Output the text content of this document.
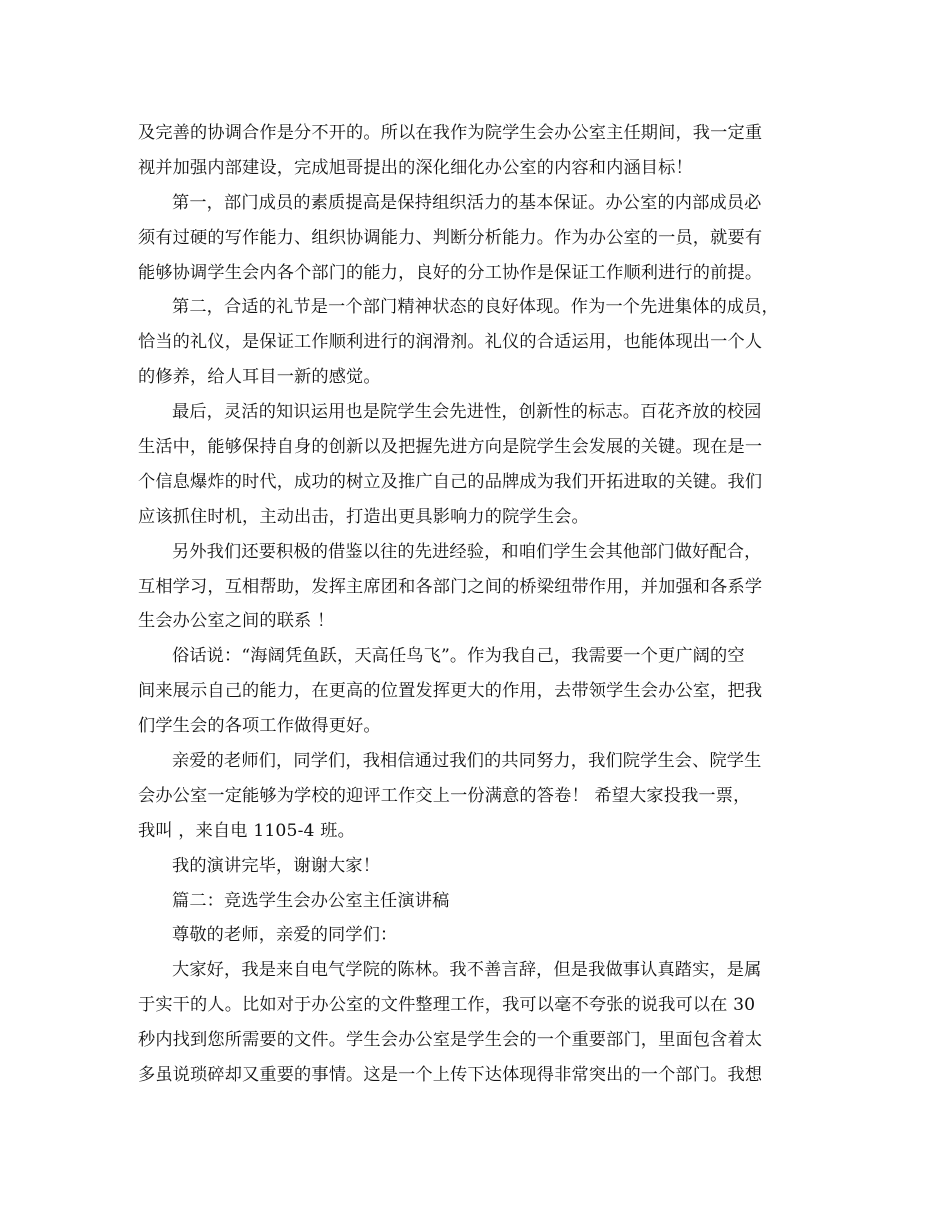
及完善的协调合作是分不开的。所以在我作为院学生会办公室主任期间，我一定重
视并加强内部建设，完成旭哥提出的深化细化办公室的内容和内涵目标！
第一，部门成员的素质提高是保持组织活力的基本保证。办公室的内部成员必
须有过硬的写作能力、组织协调能力、判断分析能力。作为办公室的一员，就要有
能够协调学生会内各个部门的能力，良好的分工协作是保证工作顺利进行的前提。
第二，合适的礼节是一个部门精神状态的良好体现。作为一个先进集体的成员，
恰当的礼仪，是保证工作顺利进行的润滑剂。礼仪的合适运用，也能体现出一个人
的修养，给人耳目一新的感觉。
最后，灵活的知识运用也是院学生会先进性，创新性的标志。百花齐放的校园
生活中，能够保持自身的创新以及把握先进方向是院学生会发展的关键。现在是一
个信息爆炸的时代，成功的树立及推广自己的品牌成为我们开拓进取的关键。我们
应该抓住时机，主动出击，打造出更具影响力的院学生会。
另外我们还要积极的借鉴以往的先进经验，和咱们学生会其他部门做好配合，
互相学习，互相帮助，发挥主席团和各部门之间的桥梁纽带作用，并加强和各系学
生会办公室之间的联系 ！
俗话说：“海阔凭鱼跃，天高任鸟飞”。作为我自己，我需要一个更广阔的空
间来展示自己的能力，在更高的位置发挥更大的作用，去带领学生会办公室，把我
们学生会的各项工作做得更好。
亲爱的老师们，同学们，我相信通过我们的共同努力，我们院学生会、院学生
会办公室一定能够为学校的迎评工作交上一份满意的答卷！ 希望大家投我一票，
我叫 ，来自电 1105-4 班。
我的演讲完毕，谢谢大家！
篇二：竞选学生会办公室主任演讲稿
尊敬的老师，亲爱的同学们：
大家好，我是来自电气学院的陈林。我不善言辞，但是我做事认真踏实，是属
于实干的人。比如对于办公室的文件整理工作，我可以毫不夸张的说我可以在 30
秒内找到您所需要的文件。学生会办公室是学生会的一个重要部门，里面包含着太
多虽说琐碎却又重要的事情。这是一个上传下达体现得非常突出的一个部门。我想
